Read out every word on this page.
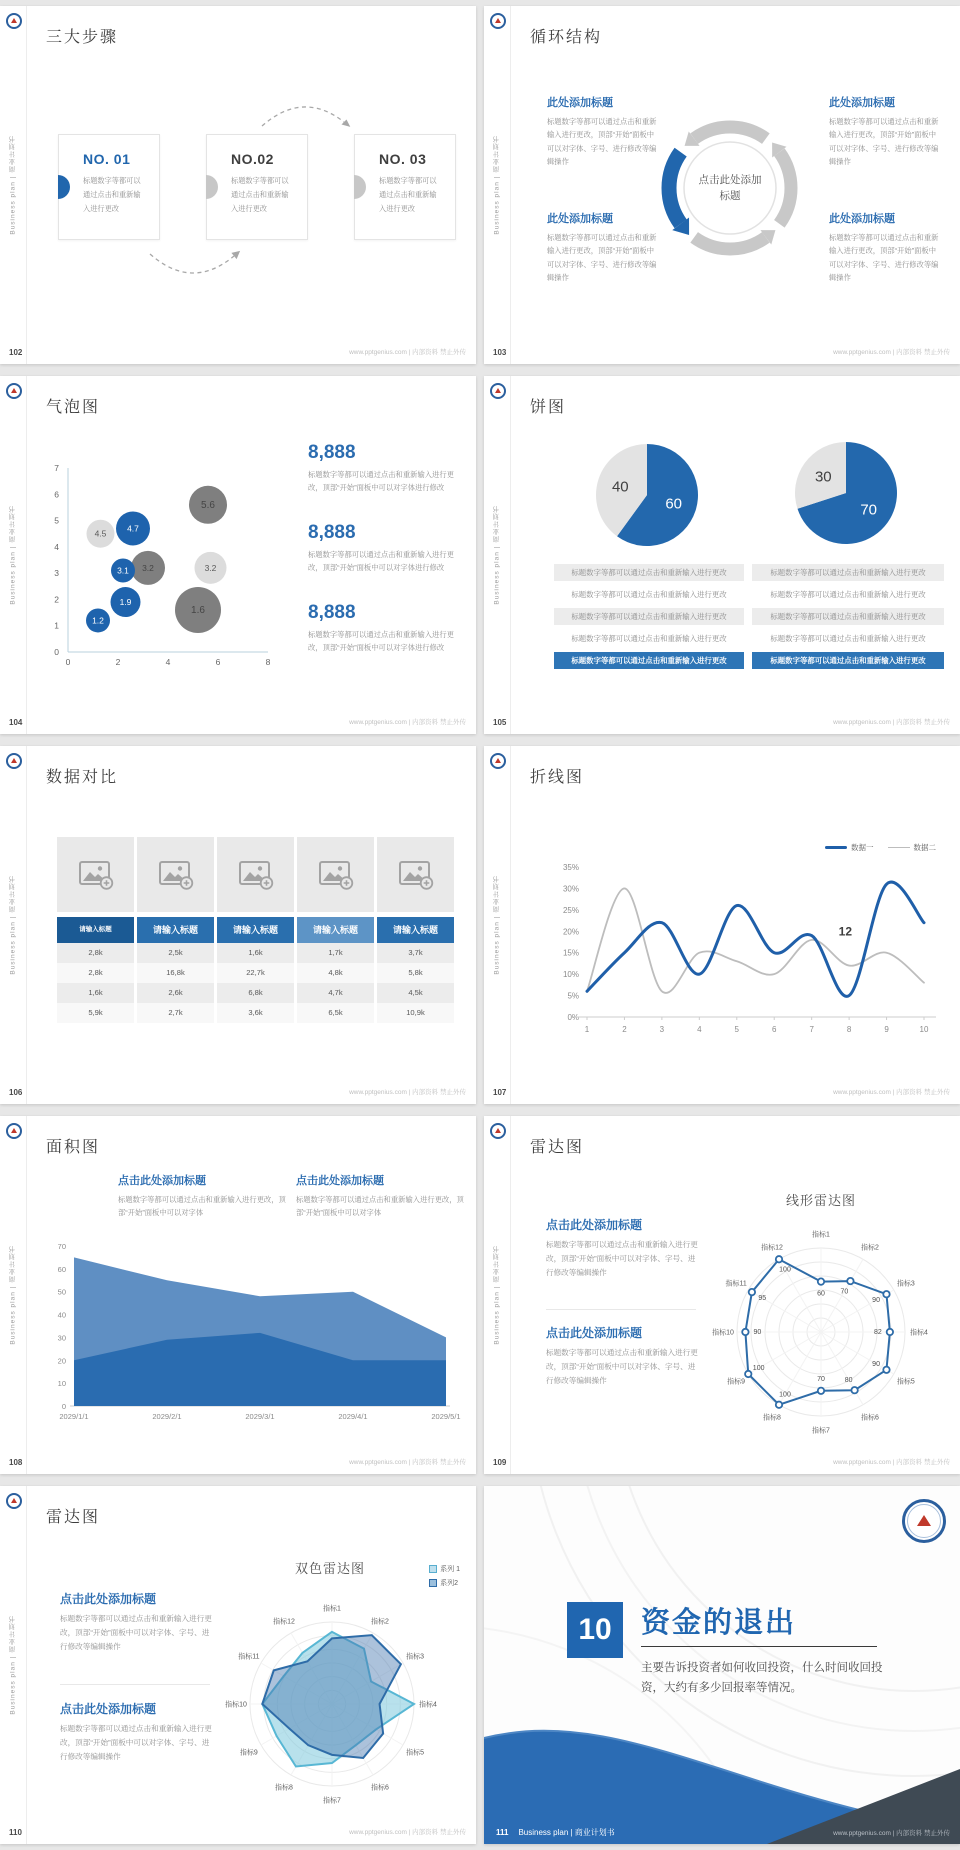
Business plan | 商业计划书
三大步骤
NO. 01
标题数字等都可以通过点击和重新输入进行更改
NO.02
标题数字等都可以通过点击和重新输入进行更改
NO. 03
标题数字等都可以通过点击和重新输入进行更改
102	www.pptgenius.com | 内部资料 禁止外传
Business plan | 商业计划书
循环结构
此处添加标题
标题数字等都可以通过点击和重新输入进行更改，顶部“开始”面板中可以对字体、字号、进行修改等编辑操作
此处添加标题
标题数字等都可以通过点击和重新输入进行更改，顶部“开始”面板中可以对字体、字号、进行修改等编辑操作
此处添加标题
标题数字等都可以通过点击和重新输入进行更改，顶部“开始”面板中可以对字体、字号、进行修改等编辑操作
此处添加标题
标题数字等都可以通过点击和重新输入进行更改，顶部“开始”面板中可以对字体、字号、进行修改等编辑操作
点击此处添加标题
103	www.pptgenius.com | 内部资料 禁止外传
Business plan | 商业计划书
气泡图
0
1
2
3
4
5
6
7
0	2	4	6	8
4.5
5.6
3.2	3.2
1.6
4.7
3.1
1.9
1.2
8,888
标题数字等都可以通过点击和重新输入进行更改，顶部“开始”面板中可以对字体进行修改
8,888
标题数字等都可以通过点击和重新输入进行更改，顶部“开始”面板中可以对字体进行修改
8,888
标题数字等都可以通过点击和重新输入进行更改，顶部“开始”面板中可以对字体进行修改
104	www.pptgenius.com | 内部资料 禁止外传
Business plan | 商业计划书
饼图
60
40
70
30
标题数字等都可以通过点击和重新输入进行更改
标题数字等都可以通过点击和重新输入进行更改
标题数字等都可以通过点击和重新输入进行更改
标题数字等都可以通过点击和重新输入进行更改
标题数字等都可以通过点击和重新输入进行更改
标题数字等都可以通过点击和重新输入进行更改
标题数字等都可以通过点击和重新输入进行更改
标题数字等都可以通过点击和重新输入进行更改
标题数字等都可以通过点击和重新输入进行更改
标题数字等都可以通过点击和重新输入进行更改
105	www.pptgenius.com | 内部资料 禁止外传
Business plan | 商业计划书
数据对比
请输入标题	请输入标题	请输入标题	请输入标题	请输入标题
2,8k	2,5k	1,6k	1,7k	3,7k
2,8k	16,8k	22,7k	4,8k	5,8k
1,6k	2,6k	6,8k	4,7k	4,5k
5,9k	2,7k	3,6k	6,5k	10,9k
106	www.pptgenius.com | 内部资料 禁止外传
Business plan | 商业计划书
折线图
数据一	数据二
0%
5%
10%
15%
20%
25%
30%
35%
1	2	3	4	5	6	7	8	9	10
12
107	www.pptgenius.com | 内部资料 禁止外传
Business plan | 商业计划书
面积图
点击此处添加标题
标题数字等都可以通过点击和重新输入进行更改，顶部“开始”面板中可以对字体
点击此处添加标题
标题数字等都可以通过点击和重新输入进行更改，顶部“开始”面板中可以对字体
0
10
20
30
40
50
60
70
2029/1/1	2029/2/1	2029/3/1	2029/4/1	2029/5/1
108	www.pptgenius.com | 内部资料 禁止外传
Business plan | 商业计划书
雷达图
点击此处添加标题
标题数字等都可以通过点击和重新输入进行更改，顶部“开始”面板中可以对字体、字号、进行修改等编辑操作
点击此处添加标题
标题数字等都可以通过点击和重新输入进行更改，顶部“开始”面板中可以对字体、字号、进行修改等编辑操作
线形雷达图
指标1
指标2
指标3
指标4
指标5
指标6
指标7
指标8
指标9
指标10
指标11
指标12
60 70
90
82
90
80
70
100
100
90
95
100
109	www.pptgenius.com | 内部资料 禁止外传
Business plan | 商业计划书
雷达图
点击此处添加标题
标题数字等都可以通过点击和重新输入进行更改，顶部“开始”面板中可以对字体、字号、进行修改等编辑操作
点击此处添加标题
标题数字等都可以通过点击和重新输入进行更改，顶部“开始”面板中可以对字体、字号、进行修改等编辑操作
双色雷达图	系列 1
系列2
指标1
指标2
指标3
指标4
指标5
指标6
指标7
指标8
指标9
指标10
指标11
指标12
110	www.pptgenius.com | 内部资料 禁止外传
10	资金的退出
主要告诉投资者如何收回投资，什么时间收回投资，大约有多少回报率等情况。
111 Business plan | 商业计划书	www.pptgenius.com | 内部资料 禁止外传
